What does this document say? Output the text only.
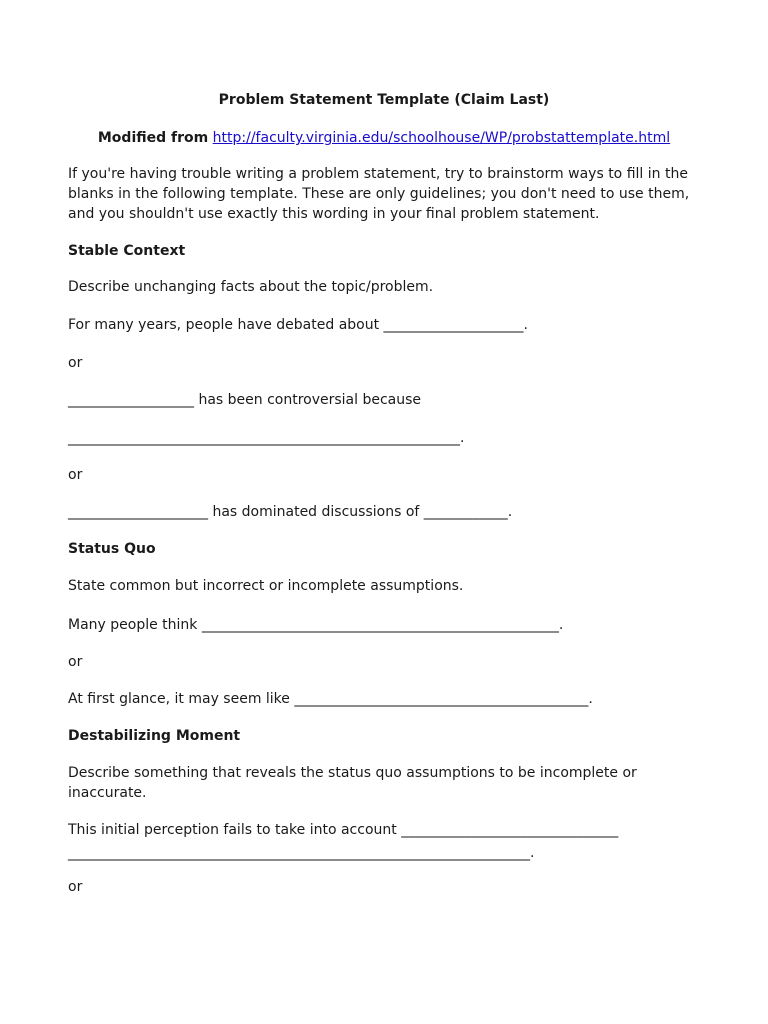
Problem Statement Template (Claim Last)
Modified from http://faculty.virginia.edu/schoolhouse/WP/probstattemplate.html
If you're having trouble writing a problem statement, try to brainstorm ways to fill in the blanks in the following template. These are only guidelines; you don't need to use them, and you shouldn't use exactly this wording in your final problem statement.
Stable Context
Describe unchanging facts about the topic/problem.
For many years, people have debated about ____________________.
or
__________________ has been controversial because
________________________________________________________.
or
____________________ has dominated discussions of ____________.
Status Quo
State common but incorrect or incomplete assumptions.
Many people think ___________________________________________________.
or
At first glance, it may seem like __________________________________________.
Destabilizing Moment
Describe something that reveals the status quo assumptions to be incomplete or inaccurate.
This initial perception fails to take into account _______________________________
__________________________________________________________________.
or
